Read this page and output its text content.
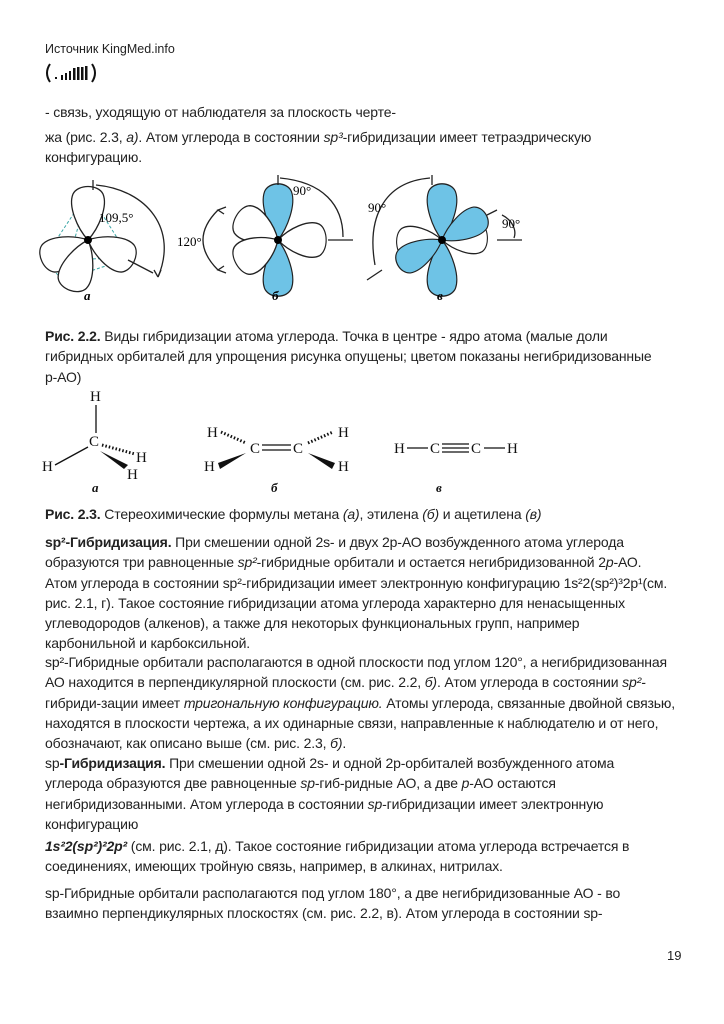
Источник KingMed.info
- связь, уходящую от наблюдателя за плоскость черте-
жа (рис. 2.3, а). Атом углерода в состоянии sp³-гибридизации имеет тетраэдрическую
конфигурацию.
109,5°
а
90°
120°
б
90°
90°
в
Рис. 2.2. Виды гибридизации атома углерода. Точка в центре - ядро атома (малые доли
гибридных орбиталей для упрощения рисунка опущены; цветом показаны негибридизованные
р-АО)
H
C
H
H
H
а
H
C C
H
H	H
б
H C C H
в
Рис. 2.3. Стереохимические формулы метана (а), этилена (б) и ацетилена (в)
sp²-Гибридизация. При смешении одной 2s- и двух 2р-АО возбужденного атома углерода
образуются три равноценные sp²-гибридные орбитали и остается негибридизованной 2р-АО.
Атом углерода в состоянии sp²-гибридизации имеет электронную конфигурацию 1s²2(sp²)³2p¹(см.
рис. 2.1, г). Такое состояние гибридизации атома углерода характерно для ненасыщенных
углеводородов (алкенов), а также для некоторых функциональных групп, например
карбонильной и карбоксильной.
sp²-Гибридные орбитали располагаются в одной плоскости под углом 120°, а негибридизованная
АО находится в перпендикулярной плоскости (см. рис. 2.2, б). Атом углерода в состоянии sp²-
гибриди-зации имеет тригональную конфигурацию. Атомы углерода, связанные двойной связью,
находятся в плоскости чертежа, а их одинарные связи, направленные к наблюдателю и от него,
обозначают, как описано выше (см. рис. 2.3, б).
sp-Гибридизация. При смешении одной 2s- и одной 2р-орбиталей возбужденного атома
углерода образуются две равноценные sp-гиб-ридные АО, а две р-АО остаются
негибридизованными. Атом углерода в состоянии sp-гибридизации имеет электронную
конфигурацию
1s²2(sp²)²2p² (см. рис. 2.1, д). Такое состояние гибридизации атома углерода встречается в
соединениях, имеющих тройную связь, например, в алкинах, нитрилах.
sp-Гибридные орбитали располагаются под углом 180°, а две негибридизованные АО - во
взаимно перпендикулярных плоскостях (см. рис. 2.2, в). Атом углерода в состоянии sp-
19
